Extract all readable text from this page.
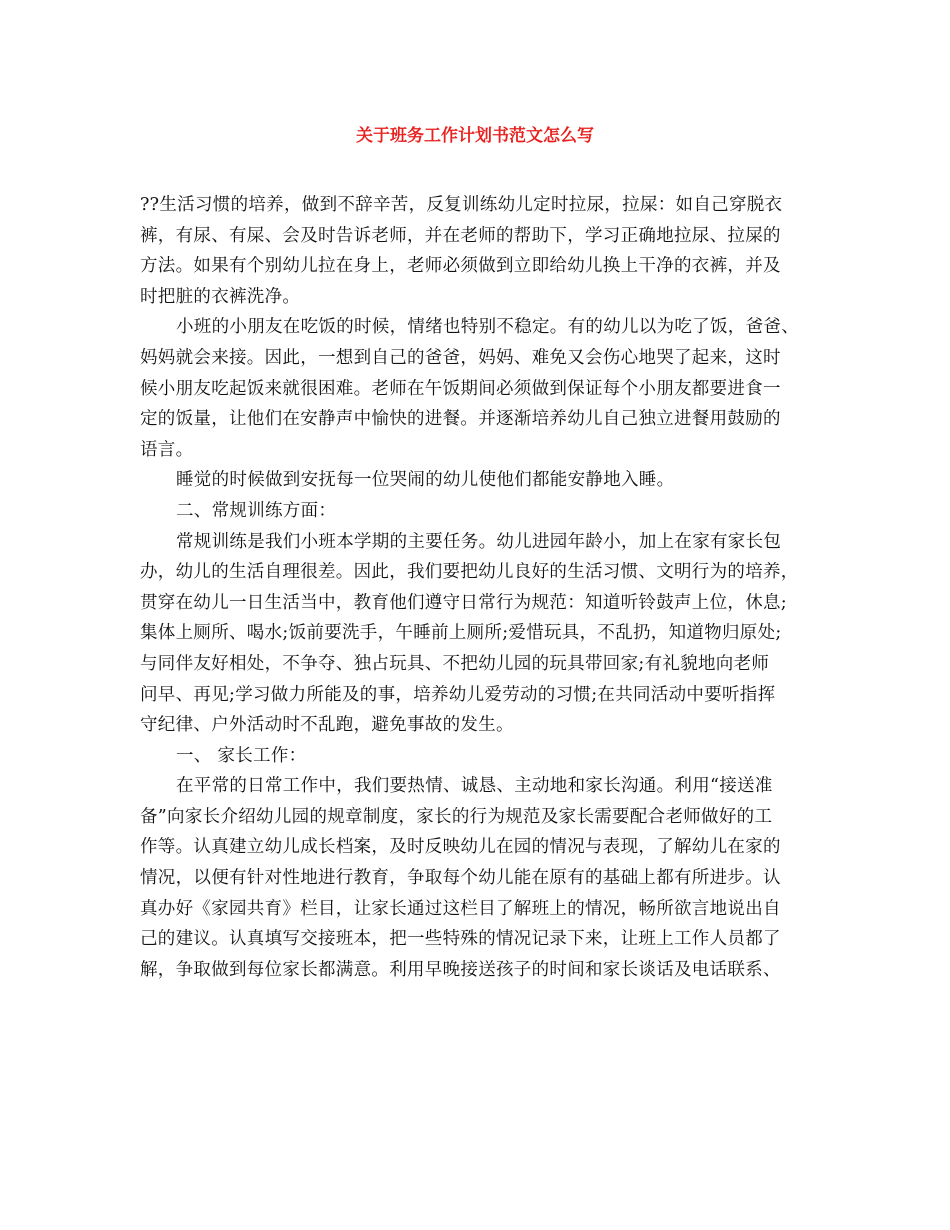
关于班务工作计划书范文怎么写
??生活习惯的培养，做到不辞辛苦，反复训练幼儿定时拉尿，拉屎：如自己穿脱衣
裤，有尿、有屎、会及时告诉老师，并在老师的帮助下，学习正确地拉尿、拉屎的
方法。如果有个别幼儿拉在身上，老师必须做到立即给幼儿换上干净的衣裤，并及
时把脏的衣裤洗净。
小班的小朋友在吃饭的时候，情绪也特别不稳定。有的幼儿以为吃了饭，爸爸、
妈妈就会来接。因此，一想到自己的爸爸，妈妈、难免又会伤心地哭了起来，这时
候小朋友吃起饭来就很困难。老师在午饭期间必须做到保证每个小朋友都要进食一
定的饭量，让他们在安静声中愉快的进餐。并逐渐培养幼儿自己独立进餐用鼓励的
语言。
睡觉的时候做到安抚每一位哭闹的幼儿使他们都能安静地入睡。
二、常规训练方面：
常规训练是我们小班本学期的主要任务。幼儿进园年龄小，加上在家有家长包
办，幼儿的生活自理很差。因此，我们要把幼儿良好的生活习惯、文明行为的培养，
贯穿在幼儿一日生活当中，教育他们遵守日常行为规范：知道听铃鼓声上位，休息;
集体上厕所、喝水;饭前要洗手，午睡前上厕所;爱惜玩具，不乱扔，知道物归原处;
与同伴友好相处，不争夺、独占玩具、不把幼儿园的玩具带回家;有礼貌地向老师
问早、再见;学习做力所能及的事，培养幼儿爱劳动的习惯;在共同活动中要听指挥
守纪律、户外活动时不乱跑，避免事故的发生。
一、 家长工作：
在平常的日常工作中，我们要热情、诚恳、主动地和家长沟通。利用“接送准
备”向家长介绍幼儿园的规章制度，家长的行为规范及家长需要配合老师做好的工
作等。认真建立幼儿成长档案，及时反映幼儿在园的情况与表现，了解幼儿在家的
情况，以便有针对性地进行教育，争取每个幼儿能在原有的基础上都有所进步。认
真办好《家园共育》栏目，让家长通过这栏目了解班上的情况，畅所欲言地说出自
己的建议。认真填写交接班本，把一些特殊的情况记录下来，让班上工作人员都了
解，争取做到每位家长都满意。利用早晚接送孩子的时间和家长谈话及电话联系、
